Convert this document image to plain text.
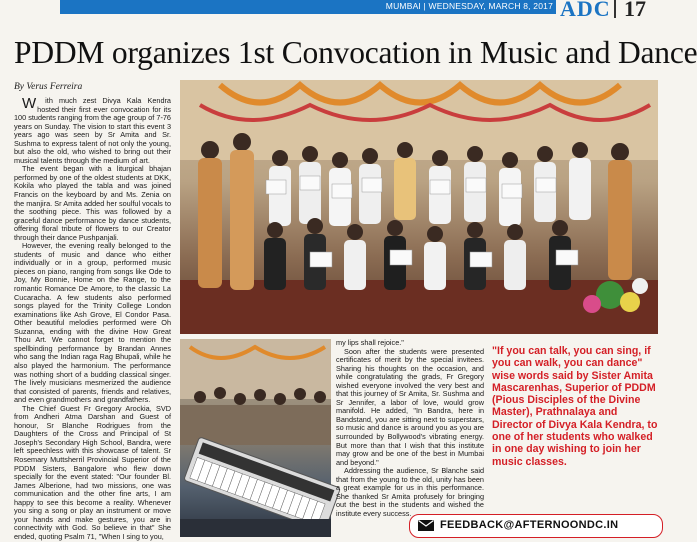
MUMBAI | WEDNESDAY, MARCH 8, 2017 ADC 17
PDDM organizes 1st Convocation in Music and Dance
By Verus Ferreira

With much zest Divya Kala Kendra hosted their first ever convocation for its 100 students ranging from the age group of 7-76 years on Sunday. The vision to start this event 3 years ago was seen by Sr Amita and Sr. Sushma to express talent of not only the young, but also the old, who wished to bring out their musical talents through the medium of art.

The event began with a liturgical bhajan performed by one of the oldest students at DKK, Kokila who played the tabla and was joined Francis on the keyboard by and Ms. Zenia on the manjira. Sr Amita added her soulful vocals to the soothing piece. This was followed by a graceful dance performance by dance students, offering floral tribute of flowers to our Creator through their dance Pushpanjali.

However, the evening really belonged to the students of music and dance who either individually or in a group, performed music pieces on piano, ranging from songs like Ode to Joy, My Bonnie, Home on the Range, to the romantic Romance De Amore, to the classic La Cucaracha. A few students also performed songs played for the Trinity College London examinations like Ash Grove, El Condor Pasa. Other beautiful melodies performed were Oh Suzanna, ending with the divine How Great Thou Art. We cannot forget to mention the spellbinding performance by Brandan Annes who sang the Indian raga Rag Bhupali, while he also played the harmonium. The performance was nothing short of a budding classical singer. The lively musicians mesmerized the audience that consisted of parents, friends and relatives, and even grandmothers and grandfathers.

The Chief Guest Fr Gregory Arockia, SVD from Andheri Atma Darshan and Guest of honour, Sr Blanche Rodrigues from the Daughters of the Cross and Principal of St Joseph's Secondary High School, Bandra, were left speechless with this showcase of talent. Sr Rosemary Muttsherril Provincial Superior of the PDDM Sisters, Bangalore who flew down specially for the event stated: "Our founder Bl. James Alberione, had two missions, one was communication and the other fine arts, I am happy to see this become a reality. Whenever you sing a song or play an instrument or move your hands and make gestures, you are in connectivity with God. So believe in that" She ended, quoting Psalm 71, "When I sing to you,

my lips shall rejoice."

Soon after the students were presented certificates of merit by the special invitees. Sharing his thoughts on the occasion, and while congratulating the grads, Fr Gregory wished everyone involved the very best and that this journey of Sr Amita, Sr. Sushma and Sr Jennifer, a labor of love, would grow manifold. He added, "In Bandra, here in Bandstand, you are sitting next to superstars, so music and dance is around you as you are surrounded by Bollywood's vibrating energy. But more than that I wish that this institute may grow and be one of the best in Mumbai and beyond."

Addressing the audience, Sr Blanche said that from the young to the old, unity has been a great example for us in this performance. She thanked Sr Amita profusely for bringing out the best in the students and wished the institute every success.

"If you can talk, you can sing, if you can walk, you can dance" wise words said by Sister Amita Mascarenhas, Superior of PDDM (Pious Disciples of the Divine Master), Prathnalaya and Director of Divya Kala Kendra, to one of her students who walked in one day wishing to join her music classes.
FEEDBACK@AFTERNOONDC.IN
